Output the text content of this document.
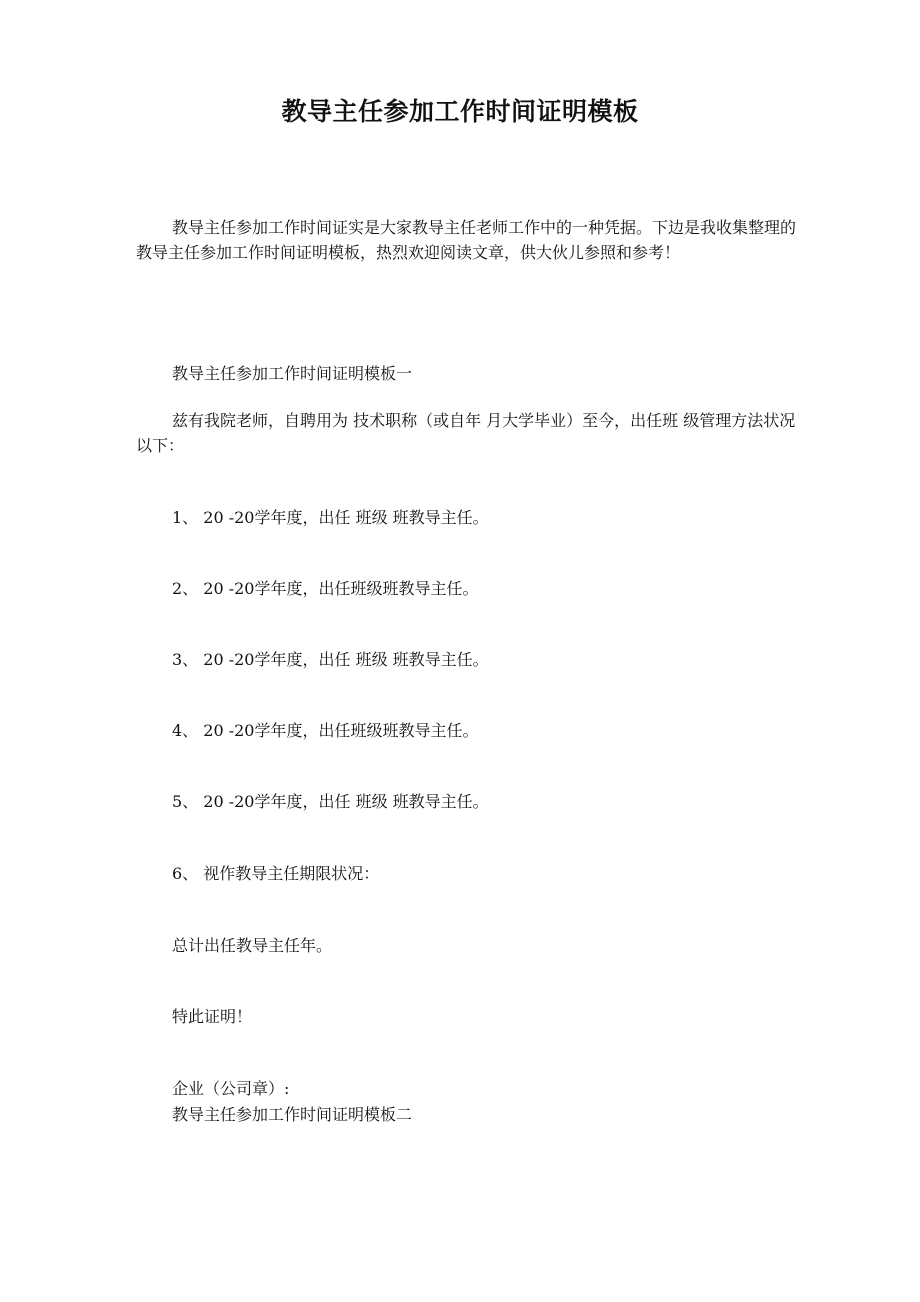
教导主任参加工作时间证明模板

教导主任参加工作时间证实是大家教导主任老师工作中的一种凭据。下边是我收集整理的教导主任参加工作时间证明模板，热烈欢迎阅读文章，供大伙儿参照和参考！

教导主任参加工作时间证明模板一

兹有我院老师，自聘用为 技术职称（或自年 月大学毕业）至今，出任班 级管理方法状况以下：

1、 20 -20学年度，出任 班级 班教导主任。
2、 20 -20学年度，出任班级班教导主任。
3、 20 -20学年度，出任 班级 班教导主任。
4、 20 -20学年度，出任班级班教导主任。
5、 20 -20学年度，出任 班级 班教导主任。
6、 视作教导主任期限状况：
总计出任教导主任年。
特此证明！
企业（公司章）:
教导主任参加工作时间证明模板二
